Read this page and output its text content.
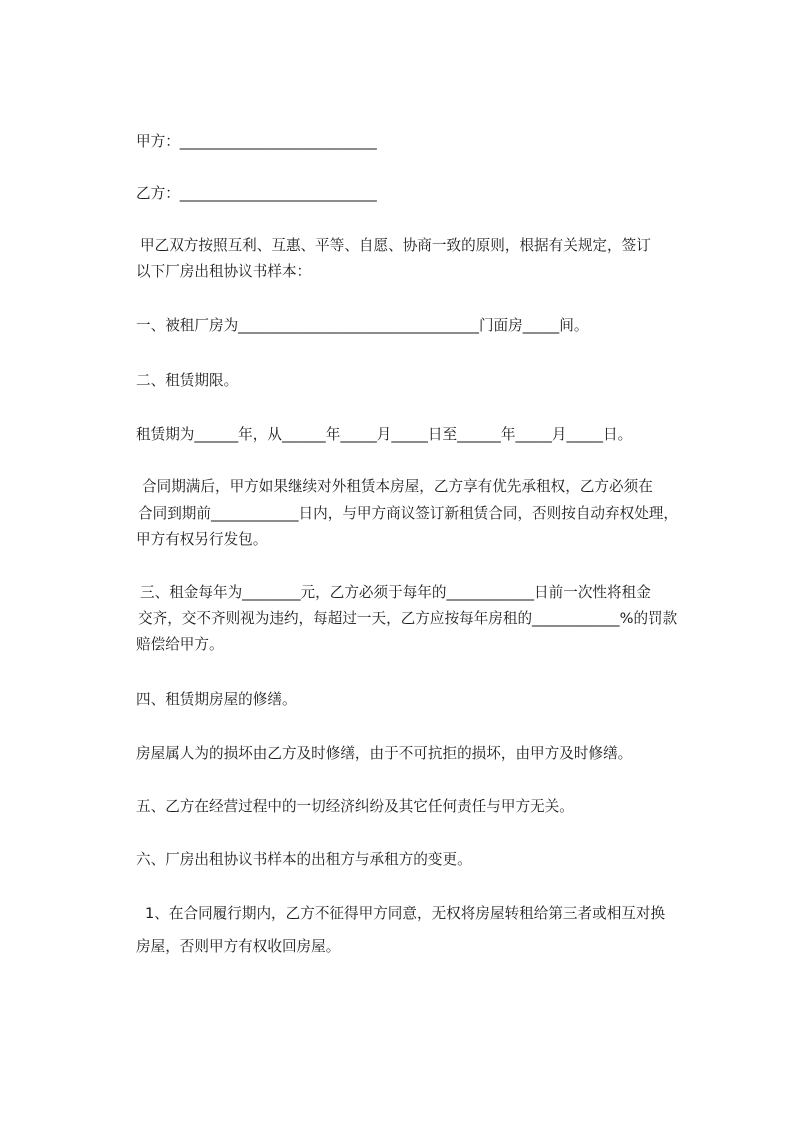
甲方：___________________________

乙方：___________________________

甲乙双方按照互利、互惠、平等、自愿、协商一致的原则，根据有关规定，签订

以下厂房出租协议书样本：

一、被租厂房为_________________________________门面房_____间。

二、租赁期限。

租赁期为______年，从______年_____月_____日至______年_____月_____日。

合同期满后，甲方如果继续对外租赁本房屋，乙方享有优先承租权，乙方必须在

合同到期前____________日内，与甲方商议签订新租赁合同，否则按自动弃权处理，

甲方有权另行发包。

三、租金每年为________元，乙方必须于每年的____________日前一次性将租金

交齐，交不齐则视为违约，每超过一天，乙方应按每年房租的____________%的罚款

赔偿给甲方。

四、租赁期房屋的修缮。

房屋属人为的损坏由乙方及时修缮，由于不可抗拒的损坏，由甲方及时修缮。

五、乙方在经营过程中的一切经济纠纷及其它任何责任与甲方无关。

六、厂房出租协议书样本的出租方与承租方的变更。

1、在合同履行期内，乙方不征得甲方同意，无权将房屋转租给第三者或相互对换

房屋，否则甲方有权收回房屋。
